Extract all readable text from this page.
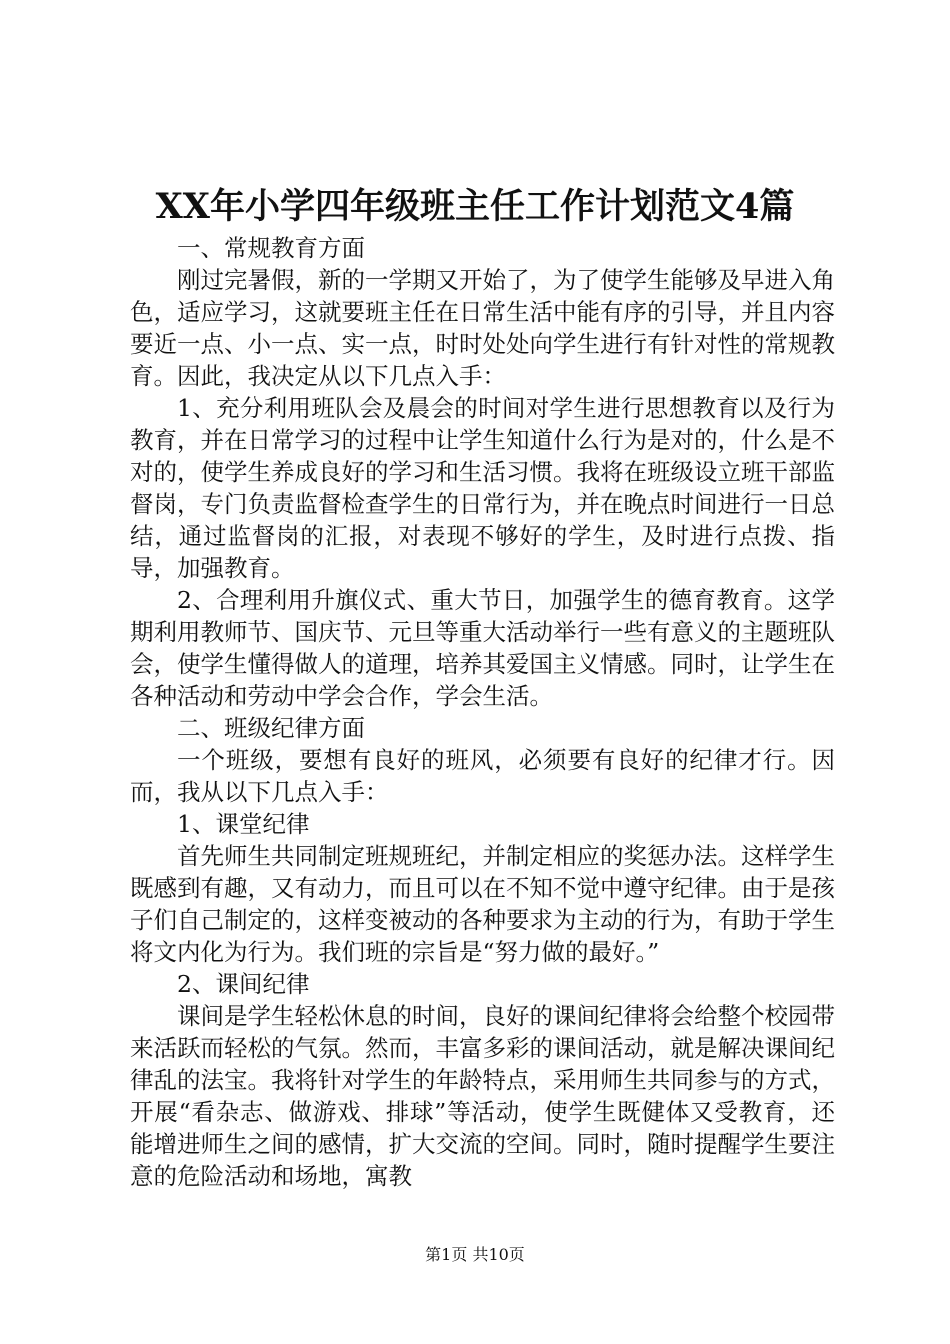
XX年小学四年级班主任工作计划范文4篇

一、常规教育方面

刚过完暑假，新的一学期又开始了，为了使学生能够及早进入角色，适应学习，这就要班主任在日常生活中能有序的引导，并且内容要近一点、小一点、实一点，时时处处向学生进行有针对性的常规教育。因此，我决定从以下几点入手：

1、充分利用班队会及晨会的时间对学生进行思想教育以及行为教育，并在日常学习的过程中让学生知道什么行为是对的，什么是不对的，使学生养成良好的学习和生活习惯。我将在班级设立班干部监督岗，专门负责监督检查学生的日常行为，并在晚点时间进行一日总结，通过监督岗的汇报，对表现不够好的学生，及时进行点拨、指导，加强教育。

2、合理利用升旗仪式、重大节日，加强学生的德育教育。这学期利用教师节、国庆节、元旦等重大活动举行一些有意义的主题班队会，使学生懂得做人的道理，培养其爱国主义情感。同时，让学生在各种活动和劳动中学会合作，学会生活。

二、班级纪律方面

一个班级，要想有良好的班风，必须要有良好的纪律才行。因而，我从以下几点入手：

1、课堂纪律

首先师生共同制定班规班纪，并制定相应的奖惩办法。这样学生既感到有趣，又有动力，而且可以在不知不觉中遵守纪律。由于是孩子们自己制定的，这样变被动的各种要求为主动的行为，有助于学生将文内化为行为。我们班的宗旨是“努力做的最好。”

2、课间纪律

课间是学生轻松休息的时间，良好的课间纪律将会给整个校园带来活跃而轻松的气氛。然而，丰富多彩的课间活动，就是解决课间纪律乱的法宝。我将针对学生的年龄特点，采用师生共同参与的方式，开展“看杂志、做游戏、排球”等活动，使学生既健体又受教育，还能增进师生之间的感情，扩大交流的空间。同时，随时提醒学生要注意的危险活动和场地，寓教

第1页 共10页
